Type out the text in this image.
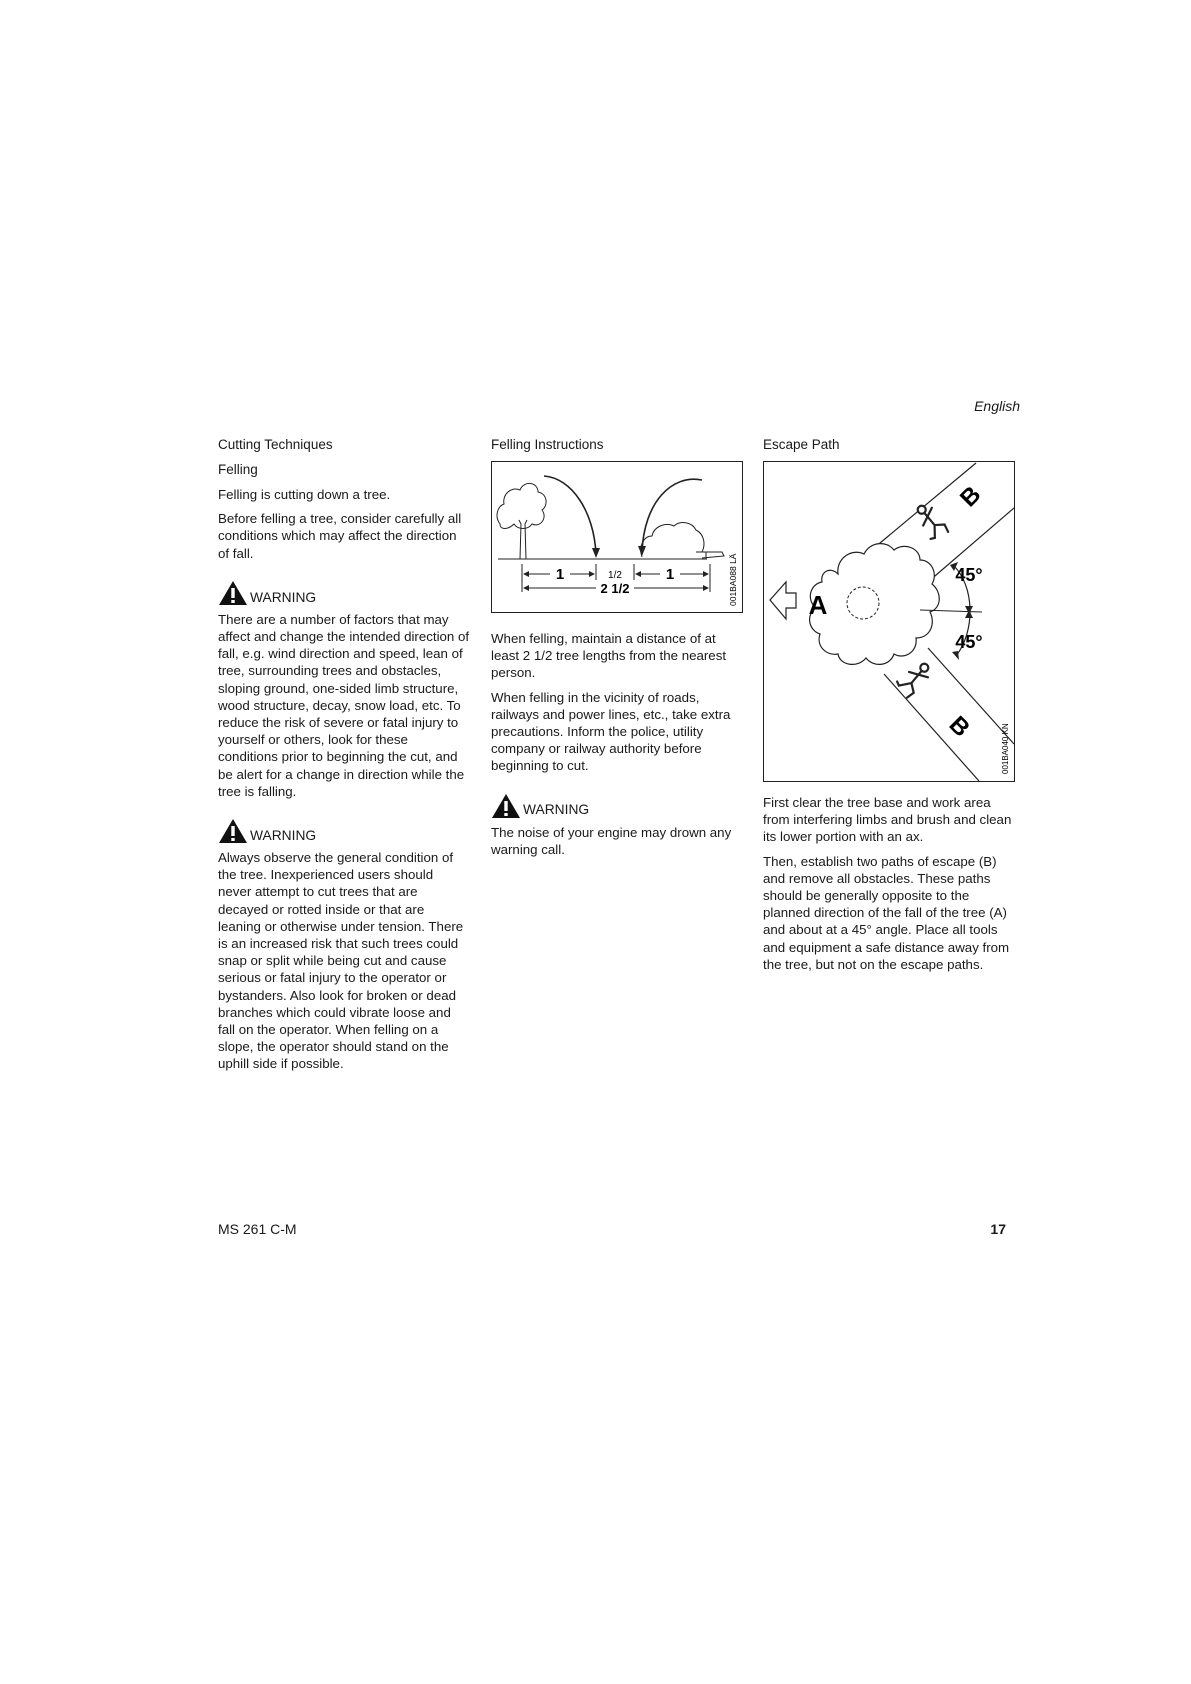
English
Cutting Techniques
Felling

Felling is cutting down a tree.

Before felling a tree, consider carefully all conditions which may affect the direction of fall.

WARNING

There are a number of factors that may affect and change the intended direction of fall, e.g. wind direction and speed, lean of tree, surrounding trees and obstacles, sloping ground, one-sided limb structure, wood structure, decay, snow load, etc. To reduce the risk of severe or fatal injury to yourself or others, look for these conditions prior to beginning the cut, and be alert for a change in direction while the tree is falling.

WARNING

Always observe the general condition of the tree. Inexperienced users should never attempt to cut trees that are decayed or rotted inside or that are leaning or otherwise under tension. There is an increased risk that such trees could snap or split while being cut and cause serious or fatal injury to the operator or bystanders. Also look for broken or dead branches which could vibrate loose and fall on the operator. When felling on a slope, the operator should stand on the uphill side if possible.

Felling Instructions
1	1/2	1
2 1/2	001BA088 LÄ

When felling, maintain a distance of at least 2 1/2 tree lengths from the nearest person.

When felling in the vicinity of roads, railways and power lines, etc., take extra precautions. Inform the police, utility company or railway authority before beginning to cut.

WARNING

The noise of your engine may drown any warning call.

Escape Path
A
45°
45°
B
B	001BA040 KN

First clear the tree base and work area from interfering limbs and brush and clean its lower portion with an ax.

Then, establish two paths of escape (B) and remove all obstacles. These paths should be generally opposite to the planned direction of the fall of the tree (A) and about at a 45° angle. Place all tools and equipment a safe distance away from the tree, but not on the escape paths.

MS 261 C-M	17
